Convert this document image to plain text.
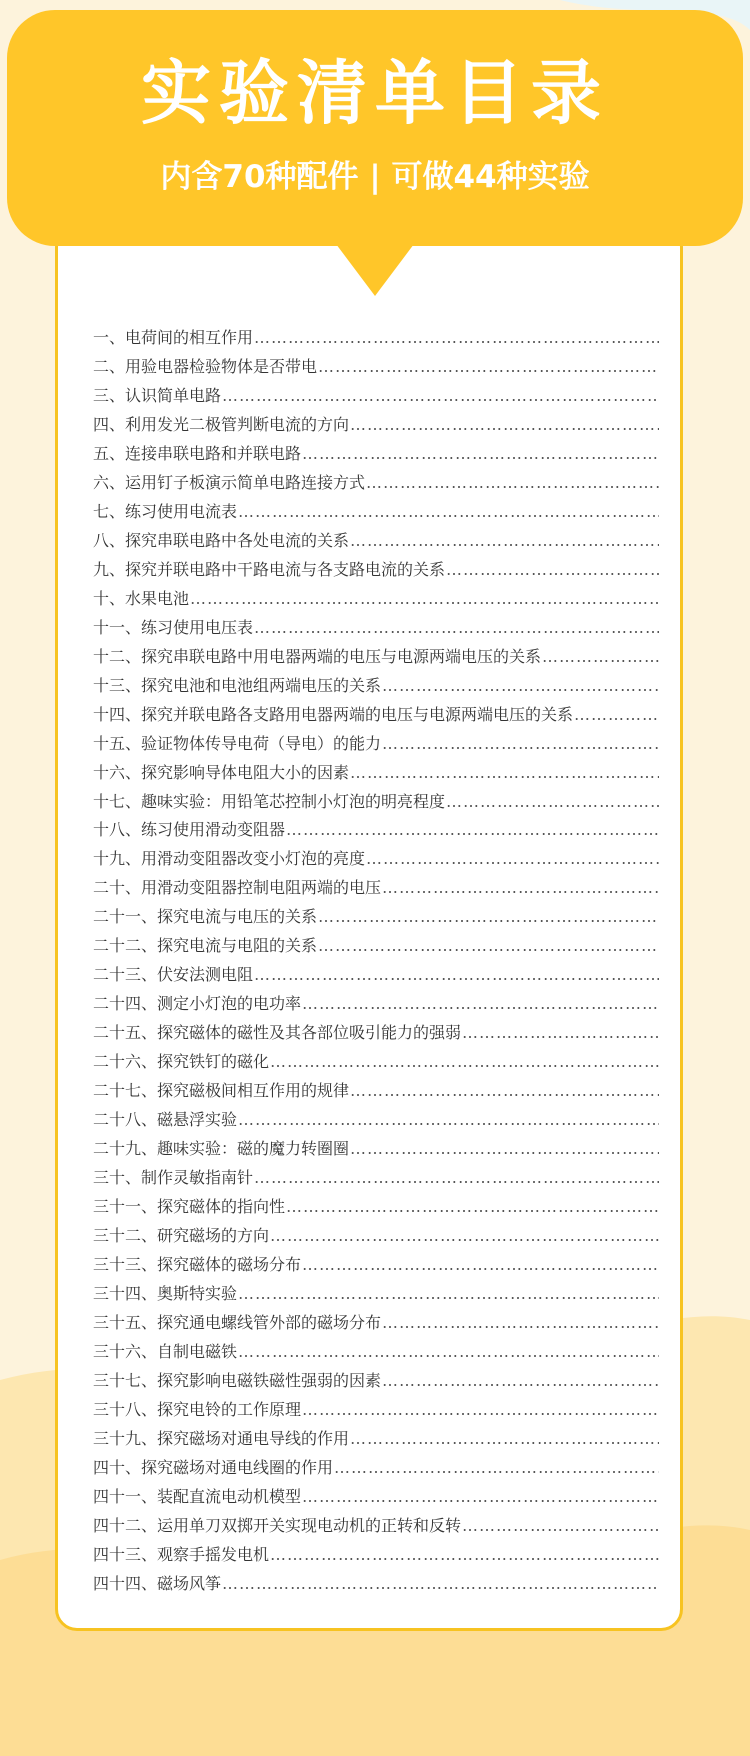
实验清单目录
内含70种配件 | 可做44种实验
一、电荷间的相互作用
……………………………………………………………………………………………………………………………………………………
二、用验电器检验物体是否带电
……………………………………………………………………………………………………………………………………………………
三、认识简单电路
……………………………………………………………………………………………………………………………………………………
四、利用发光二极管判断电流的方向
……………………………………………………………………………………………………………………………………………………
五、连接串联电路和并联电路
……………………………………………………………………………………………………………………………………………………
六、运用钉子板演示简单电路连接方式
……………………………………………………………………………………………………………………………………………………
七、练习使用电流表
……………………………………………………………………………………………………………………………………………………
八、探究串联电路中各处电流的关系
……………………………………………………………………………………………………………………………………………………
九、探究并联电路中干路电流与各支路电流的关系
……………………………………………………………………………………………………………………………………………………
十、水果电池
……………………………………………………………………………………………………………………………………………………
十一、练习使用电压表
……………………………………………………………………………………………………………………………………………………
十二、探究串联电路中用电器两端的电压与电源两端电压的关系
……………………………………………………………………………………………………………………………………………………
十三、探究电池和电池组两端电压的关系
……………………………………………………………………………………………………………………………………………………
十四、探究并联电路各支路用电器两端的电压与电源两端电压的关系
……………………………………………………………………………………………………………………………………………………
十五、验证物体传导电荷（导电）的能力
……………………………………………………………………………………………………………………………………………………
十六、探究影响导体电阻大小的因素
……………………………………………………………………………………………………………………………………………………
十七、趣味实验：用铅笔芯控制小灯泡的明亮程度
……………………………………………………………………………………………………………………………………………………
十八、练习使用滑动变阻器
……………………………………………………………………………………………………………………………………………………
十九、用滑动变阻器改变小灯泡的亮度
……………………………………………………………………………………………………………………………………………………
二十、用滑动变阻器控制电阻两端的电压
……………………………………………………………………………………………………………………………………………………
二十一、探究电流与电压的关系
……………………………………………………………………………………………………………………………………………………
二十二、探究电流与电阻的关系
……………………………………………………………………………………………………………………………………………………
二十三、伏安法测电阻
……………………………………………………………………………………………………………………………………………………
二十四、测定小灯泡的电功率
……………………………………………………………………………………………………………………………………………………
二十五、探究磁体的磁性及其各部位吸引能力的强弱
……………………………………………………………………………………………………………………………………………………
二十六、探究铁钉的磁化
……………………………………………………………………………………………………………………………………………………
二十七、探究磁极间相互作用的规律
……………………………………………………………………………………………………………………………………………………
二十八、磁悬浮实验
……………………………………………………………………………………………………………………………………………………
二十九、趣味实验：磁的魔力转圈圈
……………………………………………………………………………………………………………………………………………………
三十、制作灵敏指南针
……………………………………………………………………………………………………………………………………………………
三十一、探究磁体的指向性
……………………………………………………………………………………………………………………………………………………
三十二、研究磁场的方向
……………………………………………………………………………………………………………………………………………………
三十三、探究磁体的磁场分布
……………………………………………………………………………………………………………………………………………………
三十四、奥斯特实验
……………………………………………………………………………………………………………………………………………………
三十五、探究通电螺线管外部的磁场分布
……………………………………………………………………………………………………………………………………………………
三十六、自制电磁铁
……………………………………………………………………………………………………………………………………………………
三十七、探究影响电磁铁磁性强弱的因素
……………………………………………………………………………………………………………………………………………………
三十八、探究电铃的工作原理
……………………………………………………………………………………………………………………………………………………
三十九、探究磁场对通电导线的作用
……………………………………………………………………………………………………………………………………………………
四十、探究磁场对通电线圈的作用
……………………………………………………………………………………………………………………………………………………
四十一、装配直流电动机模型
……………………………………………………………………………………………………………………………………………………
四十二、运用单刀双掷开关实现电动机的正转和反转
……………………………………………………………………………………………………………………………………………………
四十三、观察手摇发电机
……………………………………………………………………………………………………………………………………………………
四十四、磁场风筝
……………………………………………………………………………………………………………………………………………………
